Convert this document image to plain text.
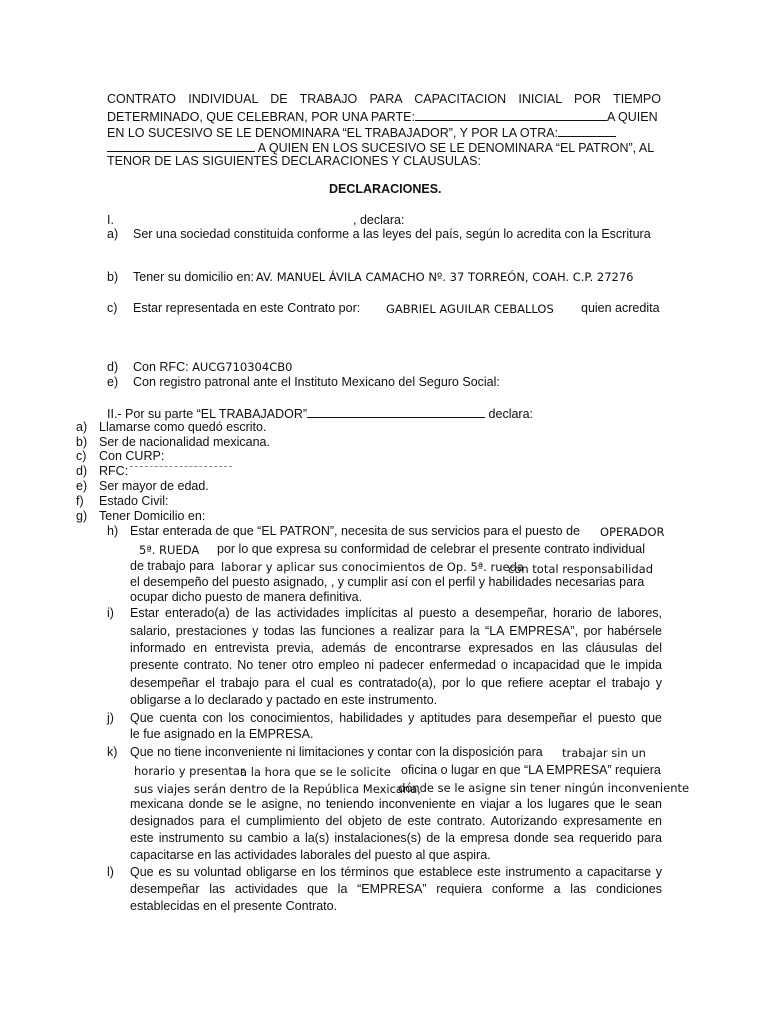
CONTRATO INDIVIDUAL DE TRABAJO PARA CAPACITACION INICIAL POR TIEMPO
DETERMINADO, QUE CELEBRAN, POR UNA PARTE:	A QUIEN
EN LO SUCESIVO SE LE DENOMINARA “EL TRABAJADOR”, Y POR LA OTRA:
A QUIEN EN LOS SUCESIVO SE LE DENOMINARA “EL PATRON”, AL
TENOR DE LAS SIGUIENTES DECLARACIONES Y CLAUSULAS:
DECLARACIONES.
I.	, declara:
a) Ser una sociedad constituida conforme a las leyes del país, según lo acredita con la Escritura
b) Tener su domicilio en: AV. MANUEL ÁVILA CAMACHO Nº. 37 TORREÓN, COAH. C.P. 27276
c) Estar representada en este Contrato por: GABRIEL AGUILAR CEBALLOS quien acredita
d) Con RFC: AUCG710304CB0
e) Con registro patronal ante el Instituto Mexicano del Seguro Social:
II.- Por su parte “EL TRABAJADOR”	declara:
a) Llamarse como quedó escrito.
b) Ser de nacionalidad mexicana.
c) Con CURP:
d) RFC:
e) Ser mayor de edad.
f) Estado Civil:
g) Tener Domicilio en:
h) Estar enterada de que “EL PATRON”, necesita de sus servicios para el puesto de OPERADOR
5ª. RUEDA por lo que expresa su conformidad de celebrar el presente contrato individual
de trabajo para laborar y aplicar sus conocimientos de Op. 5ª. rueda
con total responsabilidad
el desempeño del puesto asignado, , y cumplir así con el perfil y habilidades necesarias para
ocupar dicho puesto de manera definitiva.
i) Estar enterado(a) de las actividades implícitas al puesto a desempeñar, horario de labores,
salario, prestaciones y todas las funciones a realizar para la “LA EMPRESA”, por habérsele
informado en entrevista previa, además de encontrarse expresados en las cláusulas del
presente contrato. No tener otro empleo ni padecer enfermedad o incapacidad que le impida
desempeñar el trabajo para el cual es contratado(a), por lo que refiere aceptar el trabajo y
obligarse a lo declarado y pactado en este instrumento.
j) Que cuenta con los conocimientos, habilidades y aptitudes para desempeñar el puesto que
le fue asignado en la EMPRESA.
k) Que no tiene inconveniente ni limitaciones y contar con la disposición para trabajar sin un
horario y presentar
a la hora que se le solicite oficina o lugar en que “LA EMPRESA” requiera
sus viajes serán dentro de la República Mexicana,
dónde se le asigne sin tener ningún inconveniente
mexicana donde se le asigne, no teniendo inconveniente en viajar a los lugares que le sean
designados para el cumplimiento del objeto de este contrato. Autorizando expresamente en
este instrumento su cambio a la(s) instalaciones(s) de la empresa donde sea requerido para
capacitarse en las actividades laborales del puesto al que aspira.
l) Que es su voluntad obligarse en los términos que establece este instrumento a capacitarse y
desempeñar las actividades que la “EMPRESA” requiera conforme a las condiciones
establecidas en el presente Contrato.
